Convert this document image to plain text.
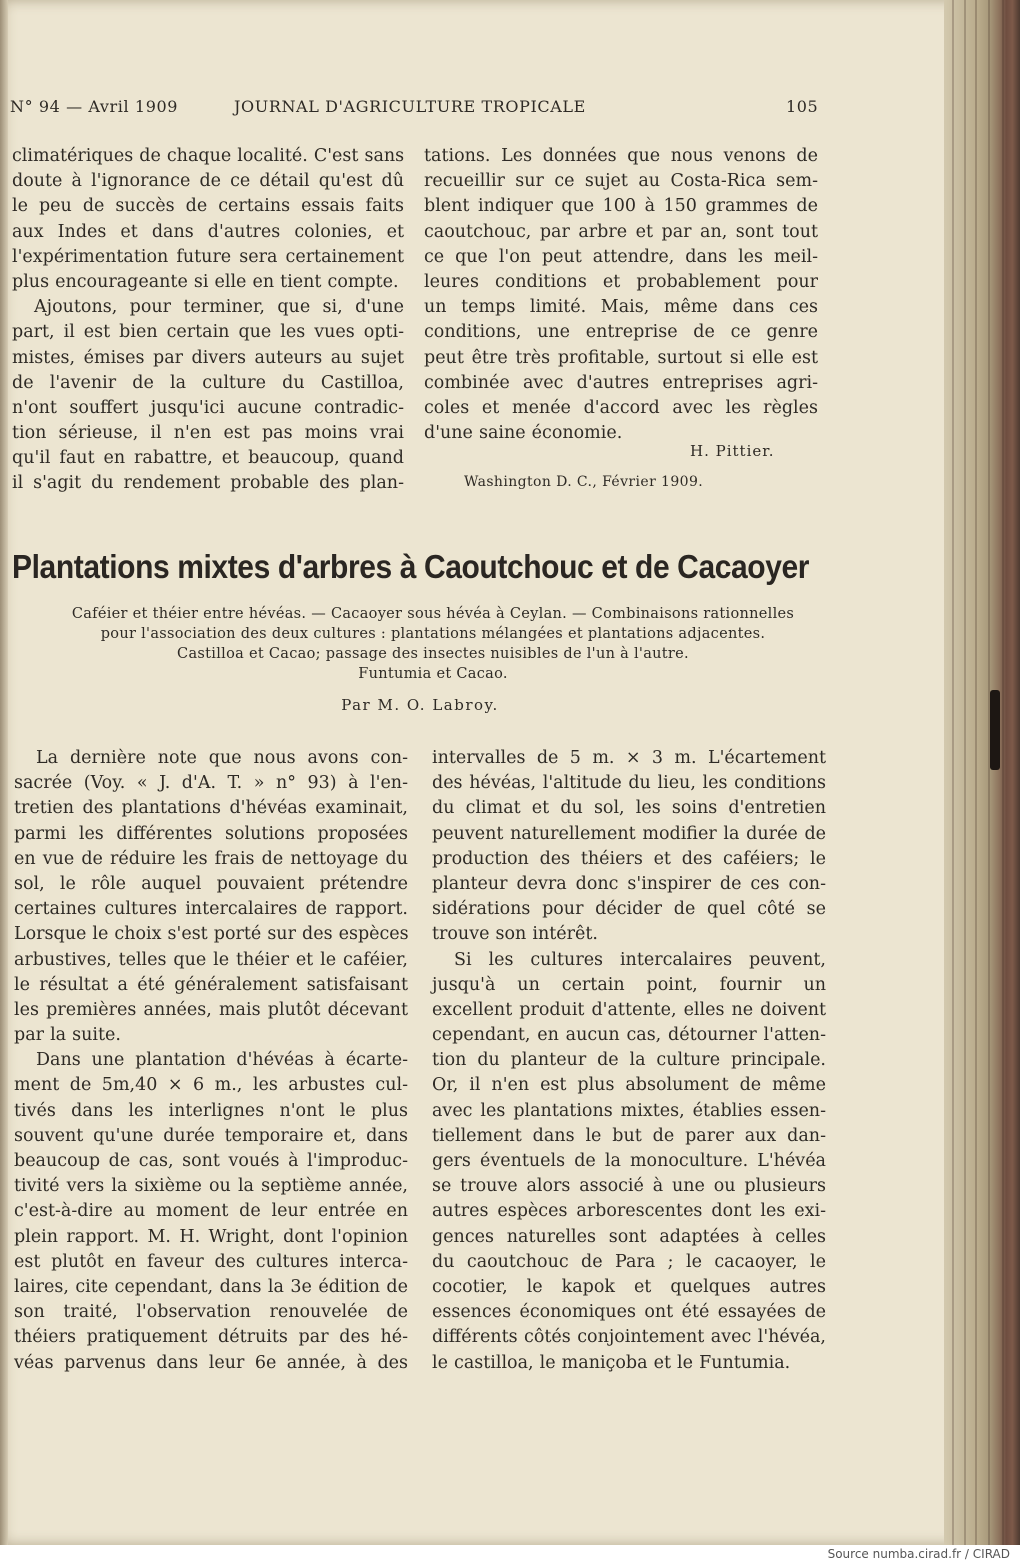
N° 94 — Avril 1909	JOURNAL D'AGRICULTURE TROPICALE	105
climatériques de chaque localité. C'est sans
doute à l'ignorance de ce détail qu'est dû
le peu de succès de certains essais faits
aux Indes et dans d'autres colonies, et
l'expérimentation future sera certainement
plus encourageante si elle en tient compte.
Ajoutons, pour terminer, que si, d'une
part, il est bien certain que les vues opti-
mistes, émises par divers auteurs au sujet
de l'avenir de la culture du Castilloa,
n'ont souffert jusqu'ici aucune contradic-
tion sérieuse, il n'en est pas moins vrai
qu'il faut en rabattre, et beaucoup, quand
il s'agit du rendement probable des plan-
tations. Les données que nous venons de
recueillir sur ce sujet au Costa-Rica sem-
blent indiquer que 100 à 150 grammes de
caoutchouc, par arbre et par an, sont tout
ce que l'on peut attendre, dans les meil-
leures conditions et probablement pour
un temps limité. Mais, même dans ces
conditions, une entreprise de ce genre
peut être très profitable, surtout si elle est
combinée avec d'autres entreprises agri-
coles et menée d'accord avec les règles
d'une saine économie.
H. Pittier.
Washington D. C., Février 1909.
Plantations mixtes d'arbres à Caoutchouc et de Cacaoyer
Caféier et théier entre hévéas. — Cacaoyer sous hévéa à Ceylan. — Combinaisons rationnelles
pour l'association des deux cultures : plantations mélangées et plantations adjacentes.
Castilloa et Cacao; passage des insectes nuisibles de l'un à l'autre.
Funtumia et Cacao.
Par M. O. Labroy.
La dernière note que nous avons con-
sacrée (Voy. « J. d'A. T. » n° 93) à l'en-
tretien des plantations d'hévéas examinait,
parmi les différentes solutions proposées
en vue de réduire les frais de nettoyage du
sol, le rôle auquel pouvaient prétendre
certaines cultures intercalaires de rapport.
Lorsque le choix s'est porté sur des espèces
arbustives, telles que le théier et le caféier,
le résultat a été généralement satisfaisant
les premières années, mais plutôt décevant
par la suite.
Dans une plantation d'hévéas à écarte-
ment de 5m,40 × 6 m., les arbustes cul-
tivés dans les interlignes n'ont le plus
souvent qu'une durée temporaire et, dans
beaucoup de cas, sont voués à l'improduc-
tivité vers la sixième ou la septième année,
c'est-à-dire au moment de leur entrée en
plein rapport. M. H. Wright, dont l'opinion
est plutôt en faveur des cultures interca-
laires, cite cependant, dans la 3e édition de
son traité, l'observation renouvelée de
théiers pratiquement détruits par des hé-
véas parvenus dans leur 6e année, à des
intervalles de 5 m. × 3 m. L'écartement
des hévéas, l'altitude du lieu, les conditions
du climat et du sol, les soins d'entretien
peuvent naturellement modifier la durée de
production des théiers et des caféiers; le
planteur devra donc s'inspirer de ces con-
sidérations pour décider de quel côté se
trouve son intérêt.
Si les cultures intercalaires peuvent,
jusqu'à un certain point, fournir un
excellent produit d'attente, elles ne doivent
cependant, en aucun cas, détourner l'atten-
tion du planteur de la culture principale.
Or, il n'en est plus absolument de même
avec les plantations mixtes, établies essen-
tiellement dans le but de parer aux dan-
gers éventuels de la monoculture. L'hévéa
se trouve alors associé à une ou plusieurs
autres espèces arborescentes dont les exi-
gences naturelles sont adaptées à celles
du caoutchouc de Para ; le cacaoyer, le
cocotier, le kapok et quelques autres
essences économiques ont été essayées de
différents côtés conjointement avec l'hévéa,
le castilloa, le maniçoba et le Funtumia.
Source numba.cirad.fr / CIRAD
